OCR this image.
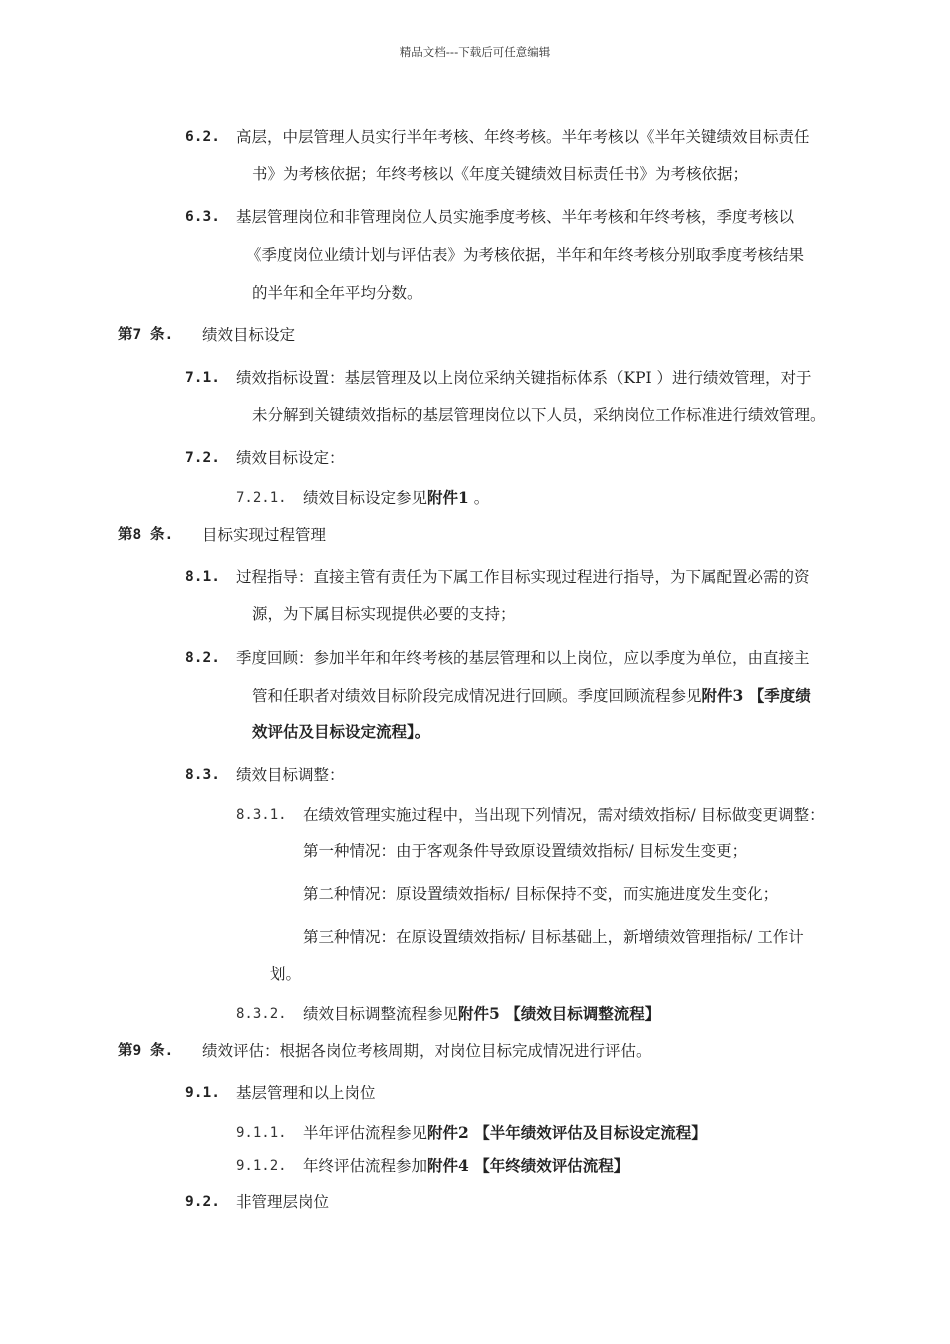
精品文档---下载后可任意编辑
6.2. 高层，中层管理人员实行半年考核、年终考核。半年考核以《半年关键绩效目标责任
书》为考核依据；年终考核以《年度关键绩效目标责任书》为考核依据；
6.3. 基层管理岗位和非管理岗位人员实施季度考核、半年考核和年终考核，季度考核以
《季度岗位业绩计划与评估表》为考核依据，半年和年终考核分别取季度考核结果
的半年和全年平均分数。
第7 条. 绩效目标设定
7.1. 绩效指标设置：基层管理及以上岗位采纳关键指标体系（KPI ）进行绩效管理，对于
未分解到关键绩效指标的基层管理岗位以下人员，采纳岗位工作标准进行绩效管理。
7.2. 绩效目标设定：
7.2.1. 绩效目标设定参见附件1 。
第8 条. 目标实现过程管理
8.1. 过程指导：直接主管有责任为下属工作目标实现过程进行指导，为下属配置必需的资
源，为下属目标实现提供必要的支持；
8.2. 季度回顾：参加半年和年终考核的基层管理和以上岗位，应以季度为单位，由直接主
管和任职者对绩效目标阶段完成情况进行回顾。季度回顾流程参见附件3 【季度绩
效评估及目标设定流程】。
8.3. 绩效目标调整：
8.3.1. 在绩效管理实施过程中，当出现下列情况，需对绩效指标/ 目标做变更调整：
第一种情况：由于客观条件导致原设置绩效指标/ 目标发生变更；
第二种情况：原设置绩效指标/ 目标保持不变，而实施进度发生变化；
第三种情况：在原设置绩效指标/ 目标基础上，新增绩效管理指标/ 工作计
划。
8.3.2. 绩效目标调整流程参见附件5 【绩效目标调整流程】
第9 条. 绩效评估：根据各岗位考核周期，对岗位目标完成情况进行评估。
9.1. 基层管理和以上岗位
9.1.1. 半年评估流程参见附件2 【半年绩效评估及目标设定流程】
9.1.2. 年终评估流程参加附件4 【年终绩效评估流程】
9.2. 非管理层岗位
